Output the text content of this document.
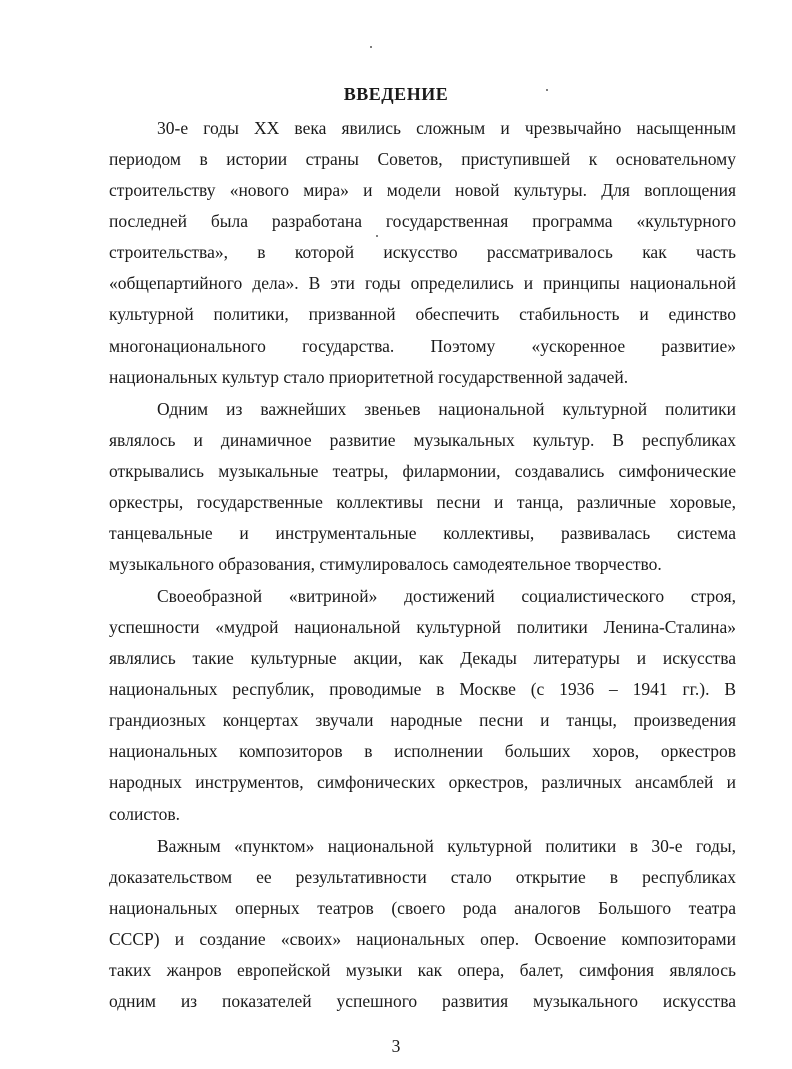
ВВЕДЕНИЕ
30-е годы XX века явились сложным и чрезвычайно насыщенным
периодом в истории страны Советов, приступившей к основательному
строительству «нового мира» и модели новой культуры. Для воплощения
последней была разработана государственная программа «культурного
строительства», в которой искусство рассматривалось как часть
«общепартийного дела». В эти годы определились и принципы национальной
культурной политики, призванной обеспечить стабильность и единство
многонационального государства. Поэтому «ускоренное развитие»
национальных культур стало приоритетной государственной задачей.
Одним из важнейших звеньев национальной культурной политики
являлось и динамичное развитие музыкальных культур. В республиках
открывались музыкальные театры, филармонии, создавались симфонические
оркестры, государственные коллективы песни и танца, различные хоровые,
танцевальные и инструментальные коллективы, развивалась система
музыкального образования, стимулировалось самодеятельное творчество.
Своеобразной «витриной» достижений социалистического строя,
успешности «мудрой национальной культурной политики Ленина-Сталина»
являлись такие культурные акции, как Декады литературы и искусства
национальных республик, проводимые в Москве (с 1936 – 1941 гг.). В
грандиозных концертах звучали народные песни и танцы, произведения
национальных композиторов в исполнении больших хоров, оркестров
народных инструментов, симфонических оркестров, различных ансамблей и
солистов.
Важным «пунктом» национальной культурной политики в 30-е годы,
доказательством ее результативности стало открытие в республиках
национальных оперных театров (своего рода аналогов Большого театра
СССР) и создание «своих» национальных опер. Освоение композиторами
таких жанров европейской музыки как опера, балет, симфония являлось
одним из показателей успешного развития музыкального искусства
3
